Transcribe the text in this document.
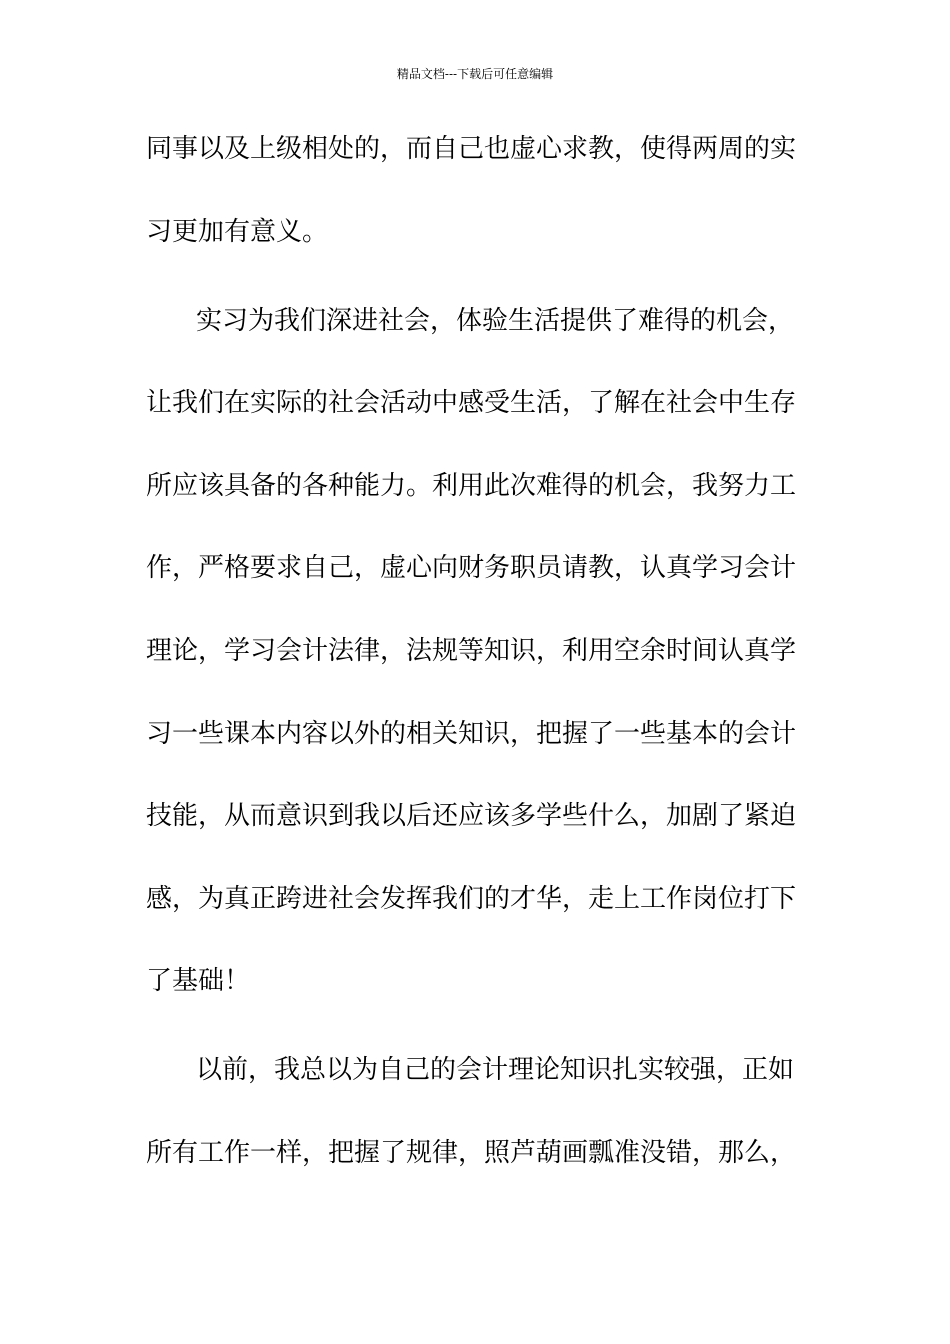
精品文档---下载后可任意编辑
同事以及上级相处的，而自己也虚心求教，使得两周的实
习更加有意义。
实习为我们深进社会，体验生活提供了难得的机会，
让我们在实际的社会活动中感受生活，了解在社会中生存
所应该具备的各种能力。利用此次难得的机会，我努力工
作，严格要求自己，虚心向财务职员请教，认真学习会计
理论，学习会计法律，法规等知识，利用空余时间认真学
习一些课本内容以外的相关知识，把握了一些基本的会计
技能，从而意识到我以后还应该多学些什么，加剧了紧迫
感，为真正跨进社会发挥我们的才华，走上工作岗位打下
了基础！
以前，我总以为自己的会计理论知识扎实较强，正如
所有工作一样，把握了规律，照芦葫画瓢准没错，那么，
